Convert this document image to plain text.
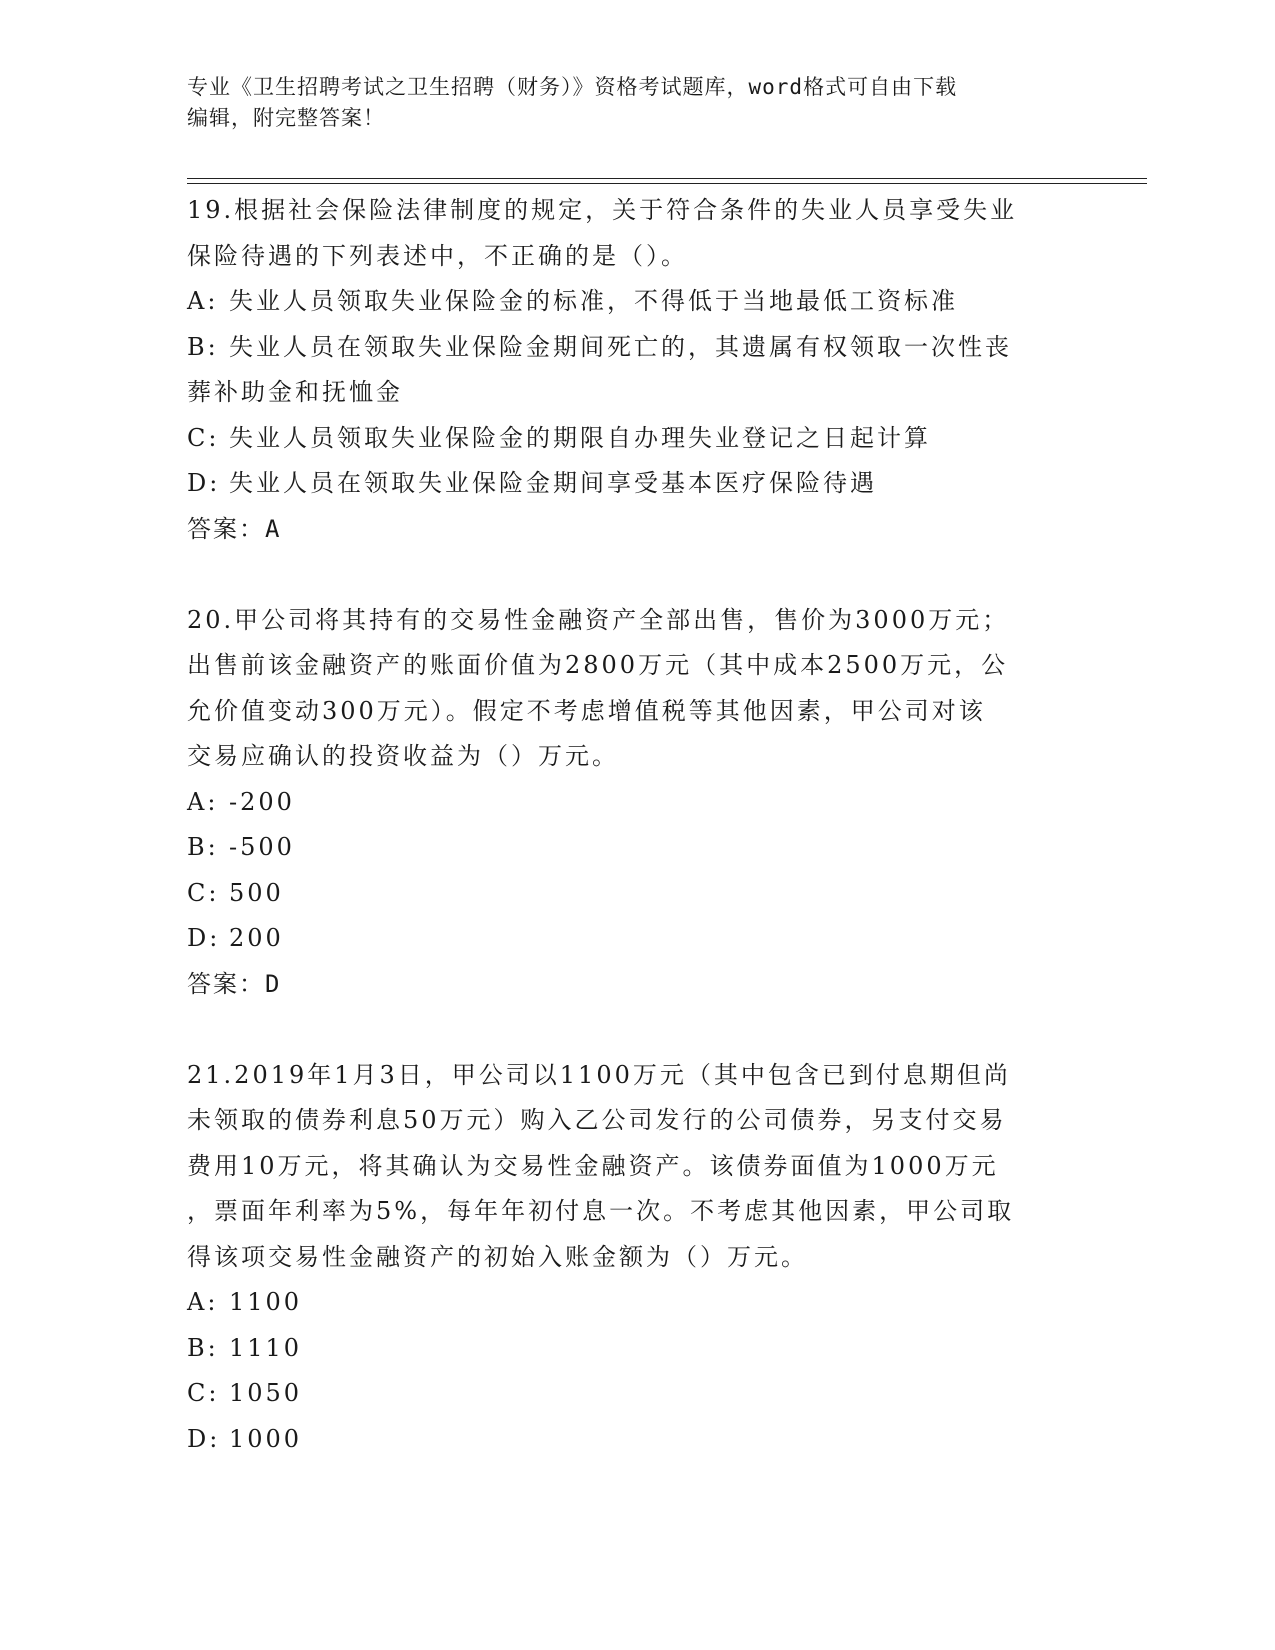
专业《卫生招聘考试之卫生招聘（财务）》资格考试题库，word格式可自由下载

编辑，附完整答案！

19.根据社会保险法律制度的规定，关于符合条件的失业人员享受失业
保险待遇的下列表述中，不正确的是（）。
A: 失业人员领取失业保险金的标准，不得低于当地最低工资标准
B: 失业人员在领取失业保险金期间死亡的，其遗属有权领取一次性丧
葬补助金和抚恤金
C: 失业人员领取失业保险金的期限自办理失业登记之日起计算
D: 失业人员在领取失业保险金期间享受基本医疗保险待遇
答案：A
20.甲公司将其持有的交易性金融资产全部出售，售价为3000万元；
出售前该金融资产的账面价值为2800万元（其中成本2500万元，公
允价值变动300万元）。假定不考虑增值税等其他因素，甲公司对该
交易应确认的投资收益为（）万元。
A: -200
B: -500
C: 500
D: 200
答案：D
21.2019年1月3日，甲公司以1100万元（其中包含已到付息期但尚
未领取的债券利息50万元）购入乙公司发行的公司债券，另支付交易
费用10万元，将其确认为交易性金融资产。该债券面值为1000万元
，票面年利率为5%，每年年初付息一次。不考虑其他因素，甲公司取
得该项交易性金融资产的初始入账金额为（）万元。
A: 1100
B: 1110
C: 1050
D: 1000
